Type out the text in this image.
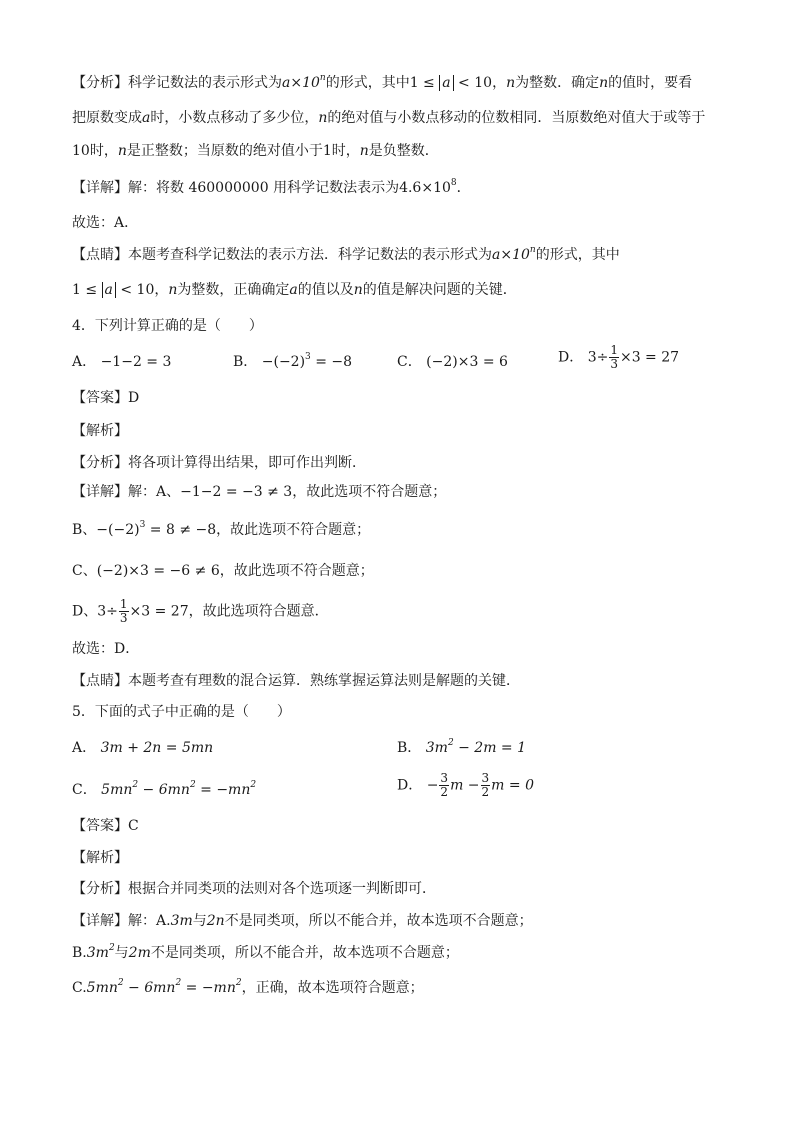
【分析】科学记数法的表示形式为$a\times 10^n$的形式，其中1 ≤ a < 10，n为整数．确定n的值时，要看
把原数变成a时，小数点移动了多少位，n的绝对值与小数点移动的位数相同．当原数绝对值大于或等于
10时，n是正整数；当原数的绝对值小于1时，n是负整数．
【详解】解：将数 460000000 用科学记数法表示为$4.6\times 10^8$．
故选：A．
【点睛】本题考查科学记数法的表示方法．科学记数法的表示形式为$a\times 10^n$的形式，其中
1 ≤ a < 10，n为整数，正确确定a的值以及n的值是解决问题的关键．
4．下列计算正确的是（　　）
A． −1−2 = 3	B． $-(-2)^3 = -8$	C． (−2)×3 = 6	D． $3\div \frac{1}{3} \times 3 = 27$
【答案】D
【解析】
【分析】将各项计算得出结果，即可作出判断．
【详解】解：A、−1−2 = −3 ≠ 3，故此选项不符合题意；
B、$-(-2)^3 = 8 \ne -8$，故此选项不符合题意；
C、(−2)×3 = −6 ≠ 6，故此选项不符合题意；
D、$3\div \frac{1}{3} \times 3 = 27$，故此选项符合题意．
故选：D．
【点睛】本题考查有理数的混合运算．熟练掌握运算法则是解题的关键．
5．下面的式子中正确的是（　　）
A． 3m + 2n = 5mn	B． $3m^2 - 2m = 1$
C． $5mn^2 - 6mn^2 = -mn^2$	D． − $\frac{3}{2}$ $m - \frac{3}{2}$ m = 0
【答案】C
【解析】
【分析】根据合并同类项的法则对各个选项逐一判断即可．
【详解】解：A.3m与2n不是同类项，所以不能合并，故本选项不合题意；
$B.3m^2$与2m不是同类项，所以不能合并，故本选项不合题意；
$C.5mn^2 - 6mn^2 = -mn^2$，正确，故本选项符合题意；
